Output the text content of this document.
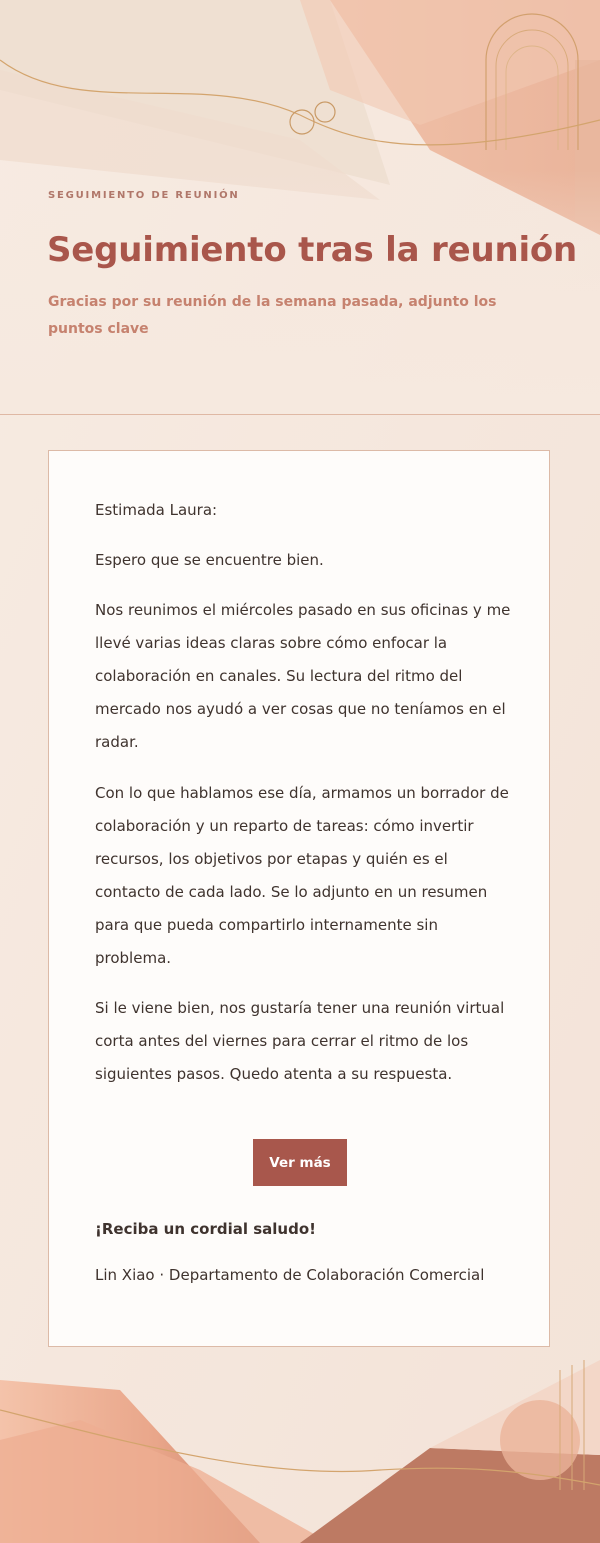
SEGUIMIENTO DE REUNIÓN
Seguimiento tras la reunión

Gracias por su reunión de la semana pasada, adjunto los puntos clave

Estimada Laura:

Espero que se encuentre bien.

Nos reunimos el miércoles pasado en sus oficinas y me llevé varias ideas claras sobre cómo enfocar la colaboración en canales. Su lectura del ritmo del mercado nos ayudó a ver cosas que no teníamos en el radar.

Con lo que hablamos ese día, armamos un borrador de colaboración y un reparto de tareas: cómo invertir recursos, los objetivos por etapas y quién es el contacto de cada lado. Se lo adjunto en un resumen para que pueda compartirlo internamente sin problema.

Si le viene bien, nos gustaría tener una reunión virtual corta antes del viernes para cerrar el ritmo de los siguientes pasos. Quedo atenta a su respuesta.

Ver más

¡Reciba un cordial saludo!

Lin Xiao · Departamento de Colaboración Comercial
